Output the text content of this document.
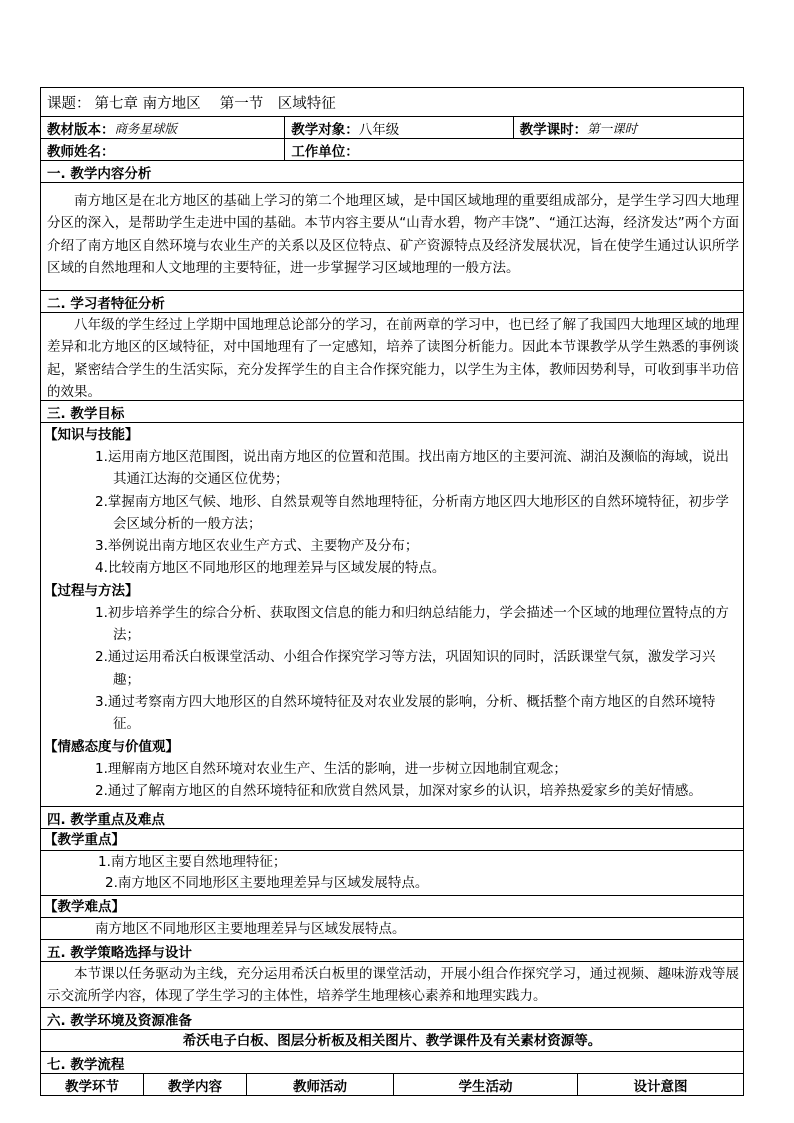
课题： 第七章 南方地区　 第一节　区域特征
教材版本： 商务星球版	教学对象： 八年级	教学课时： 第一课时
教师姓名：	工作单位：
一. 教学内容分析
南方地区是在北方地区的基础上学习的第二个地理区域，是中国区域地理的重要组成部分，是学生学习四大地理分区的深入，是帮助学生走进中国的基础。本节内容主要从“山青水碧，物产丰饶”、“通江达海，经济发达”两个方面介绍了南方地区自然环境与农业生产的关系以及区位特点、矿产资源特点及经济发展状况，旨在使学生通过认识所学区域的自然地理和人文地理的主要特征，进一步掌握学习区域地理的一般方法。
二. 学习者特征分析
八年级的学生经过上学期中国地理总论部分的学习，在前两章的学习中，也已经了解了我国四大地理区域的地理差异和北方地区的区域特征，对中国地理有了一定感知，培养了读图分析能力。因此本节课教学从学生熟悉的事例谈起，紧密结合学生的生活实际，充分发挥学生的自主合作探究能力，以学生为主体，教师因势利导，可收到事半功倍的效果。
三. 教学目标
【知识与技能】
1.运用南方地区范围图，说出南方地区的位置和范围。找出南方地区的主要河流、湖泊及濒临的海域，说出其通江达海的交通区位优势；
2.掌握南方地区气候、地形、自然景观等自然地理特征，分析南方地区四大地形区的自然环境特征，初步学会区域分析的一般方法；
3.举例说出南方地区农业生产方式、主要物产及分布；
4.比较南方地区不同地形区的地理差异与区域发展的特点。
【过程与方法】
1.初步培养学生的综合分析、获取图文信息的能力和归纳总结能力，学会描述一个区域的地理位置特点的方法；
2.通过运用希沃白板课堂活动、小组合作探究学习等方法，巩固知识的同时，活跃课堂气氛，激发学习兴趣；
3.通过考察南方四大地形区的自然环境特征及对农业发展的影响，分析、概括整个南方地区的自然环境特征。
【情感态度与价值观】
1.理解南方地区自然环境对农业生产、生活的影响，进一步树立因地制宜观念；
2.通过了解南方地区的自然环境特征和欣赏自然风景，加深对家乡的认识，培养热爱家乡的美好情感。
四. 教学重点及难点
【教学重点】
1.南方地区主要自然地理特征；
2.南方地区不同地形区主要地理差异与区域发展特点。
【教学难点】
南方地区不同地形区主要地理差异与区域发展特点。
五. 教学策略选择与设计
本节课以任务驱动为主线，充分运用希沃白板里的课堂活动，开展小组合作探究学习，通过视频、趣味游戏等展示交流所学内容，体现了学生学习的主体性，培养学生地理核心素养和地理实践力。
六. 教学环境及资源准备
希沃电子白板、图层分析板及相关图片、教学课件及有关素材资源等。
七. 教学流程
教学环节	教学内容	教师活动	学生活动	设计意图
